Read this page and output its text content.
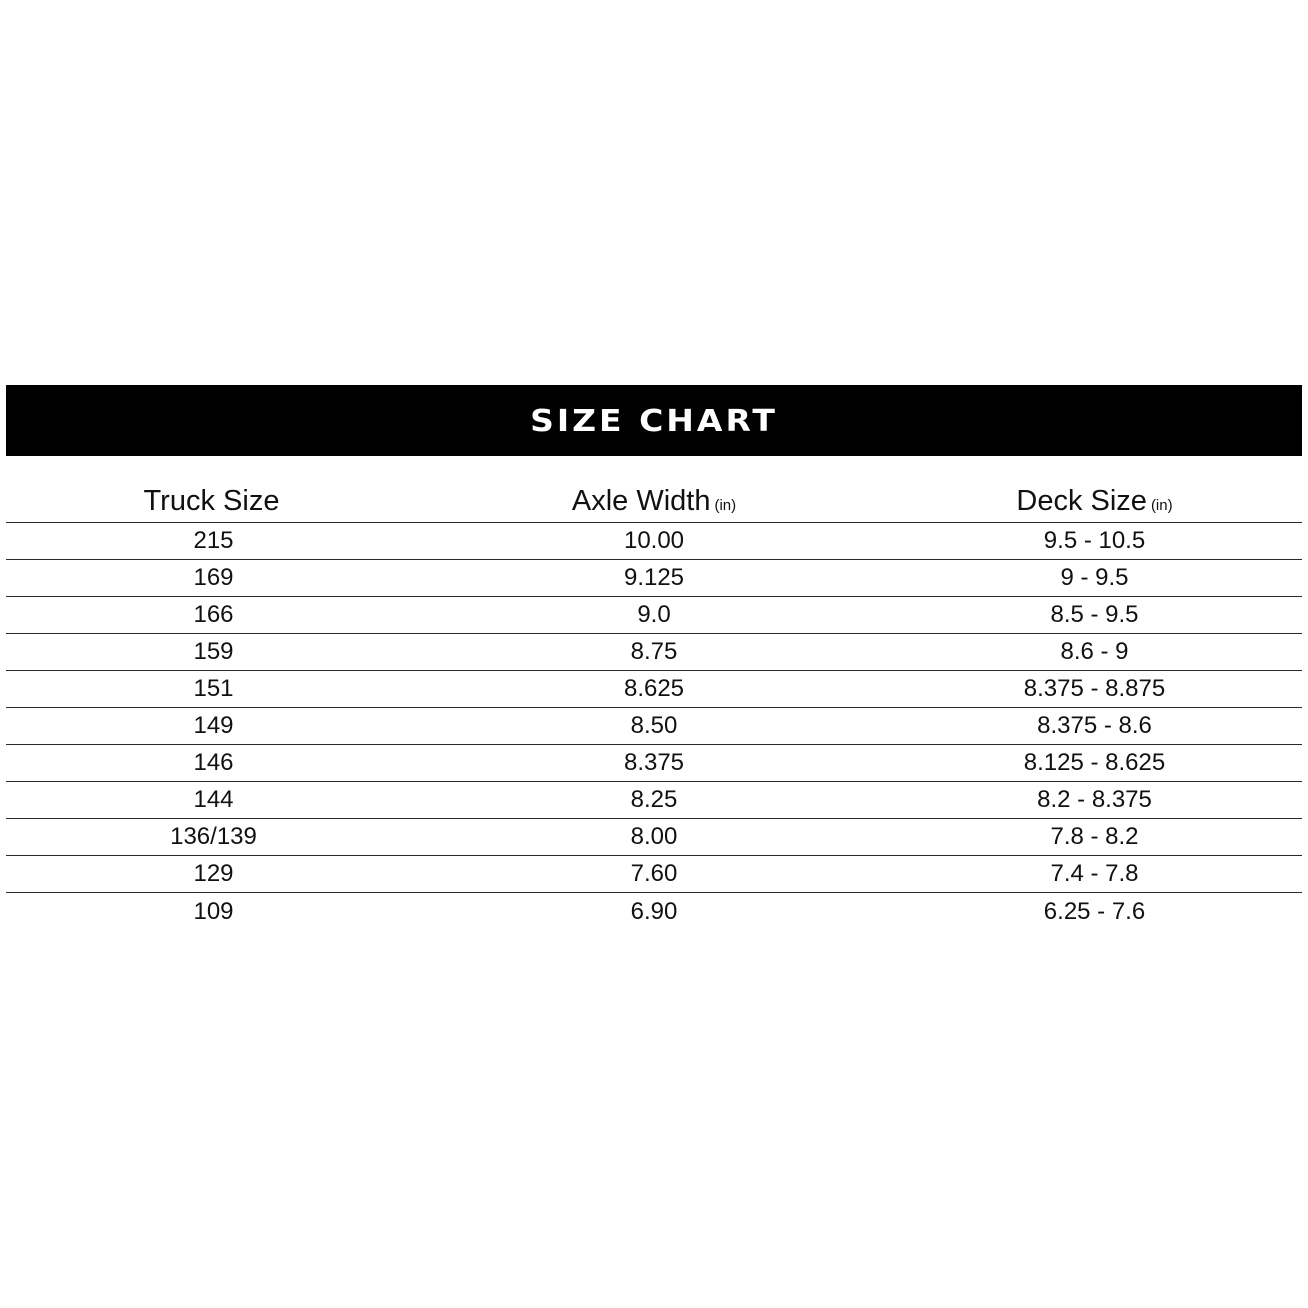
SIZE CHART
Truck Size	Axle Width (in)	Deck Size (in)
215	10.00	9.5 - 10.5
169	9.125	9 - 9.5
166	9.0	8.5 - 9.5
159	8.75	8.6 - 9
151	8.625	8.375 - 8.875
149	8.50	8.375 - 8.6
146	8.375	8.125 - 8.625
144	8.25	8.2 - 8.375
136/139	8.00	7.8 - 8.2
129	7.60	7.4 - 7.8
109	6.90	6.25 - 7.6
